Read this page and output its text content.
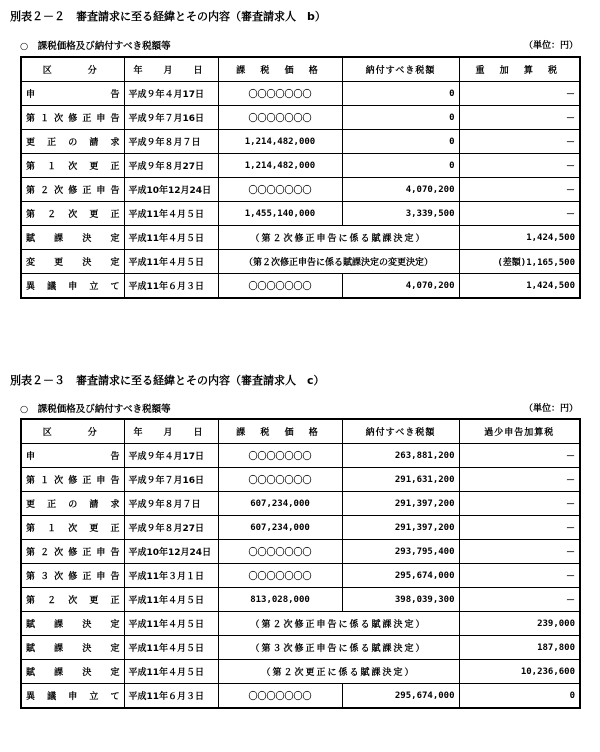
別表２－２　審査請求に至る経緯とその内容（審査請求人　b）
○　課税価格及び納付すべき税額等	（単位：円）
区　　分	年　月　日	課 税 価 格	納付すべき税額	重 加 算 税
申　告	平成９年４月17日	〇〇〇〇〇〇〇	0	－
第１次修正申告	平成９年７月16日	〇〇〇〇〇〇〇	0	－
更正の請求	平成９年８月７日	1,214,482,000	0	－
第１次更正	平成９年８月27日	1,214,482,000	0	－
第２次修正申告	平成10年12月24日	〇〇〇〇〇〇〇	4,070,200	－
第２次更正	平成11年４月５日	1,455,140,000	3,339,500	－
賦課決定	平成11年４月５日	（第２次修正申告に係る賦課決定）		1,424,500
変更決定	平成11年４月５日	（第２次修正申告に係る賦課決定の変更決定）		(差額)1,165,500
異議申立て	平成11年６月３日	〇〇〇〇〇〇〇	4,070,200	1,424,500
別表２－３　審査請求に至る経緯とその内容（審査請求人　c）
○　課税価格及び納付すべき税額等	（単位：円）
区　　分	年　月　日	課 税 価 格	納付すべき税額	過少申告加算税
申　告	平成９年４月17日	〇〇〇〇〇〇〇	263,881,200	－
第１次修正申告	平成９年７月16日	〇〇〇〇〇〇〇	291,631,200	－
更正の請求	平成９年８月７日	607,234,000	291,397,200	－
第１次更正	平成９年８月27日	607,234,000	291,397,200	－
第２次修正申告	平成10年12月24日	〇〇〇〇〇〇〇	293,795,400	－
第３次修正申告	平成11年３月１日	〇〇〇〇〇〇〇	295,674,000	－
第２次更正	平成11年４月５日	813,028,000	398,039,300	－
賦課決定	平成11年４月５日	（第２次修正申告に係る賦課決定）		239,000
賦課決定	平成11年４月５日	（第３次修正申告に係る賦課決定）		187,800
賦課決定	平成11年４月５日	（第２次更正に係る賦課決定）		10,236,600
異議申立て	平成11年６月３日	〇〇〇〇〇〇〇	295,674,000	0
